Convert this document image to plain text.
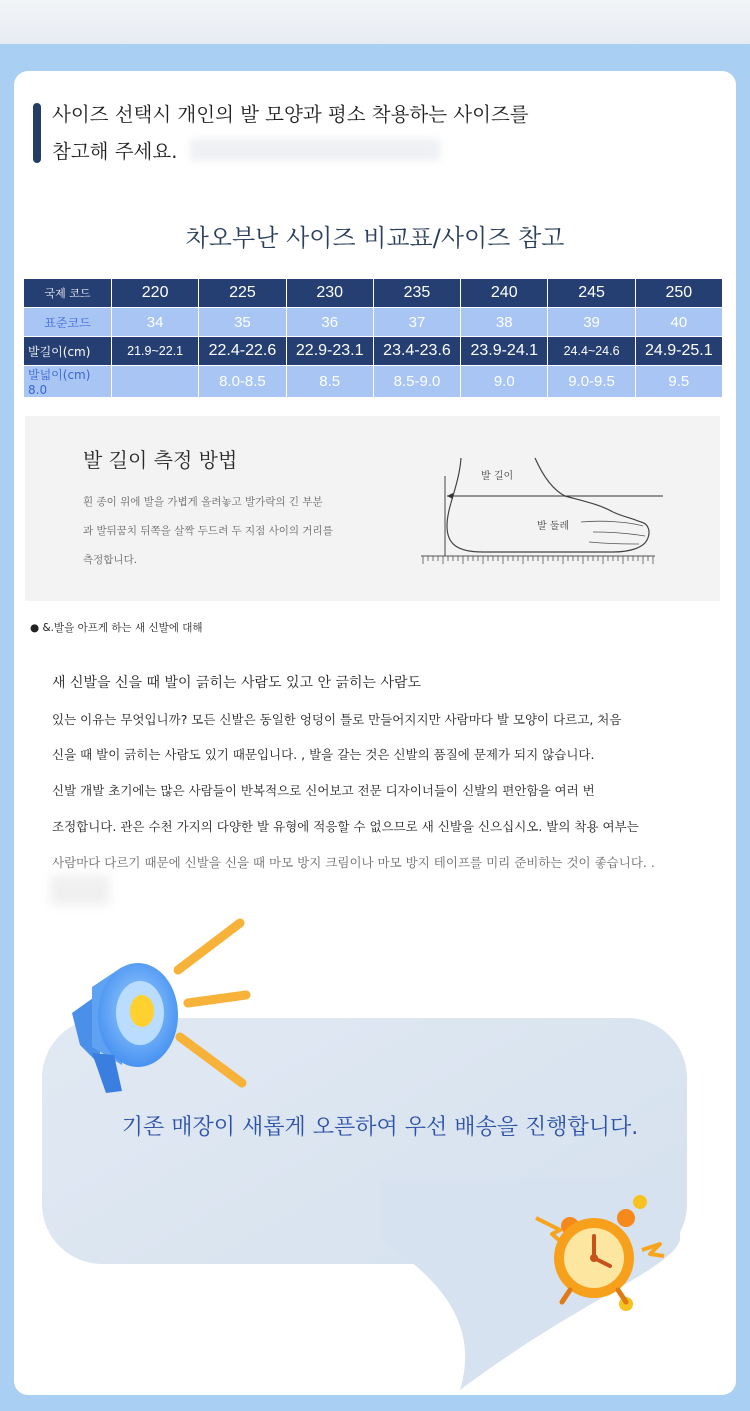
사이즈 선택시 개인의 발 모양과 평소 착용하는 사이즈를
참고해 주세요.
차오부난 사이즈 비교표/사이즈 참고
국제 코드	220	225	230	235	240	245	250
표준코드	34	35	36	37	38	39	40
발길이(cm)	21.9~22.1	22.4-22.6	22.9-23.1	23.4-23.6	23.9-24.1	24.4~24.6	24.9-25.1
발넓이(cm) 8.0		8.0-8.5	8.5	8.5-9.0	9.0	9.0-9.5	9.5
발 길이 측정 방법
흰 종이 위에 발을 가볍게 올려놓고 발가락의 긴 부분
과 발뒤꿈치 뒤쪽을 살짝 두드려 두 지점 사이의 거리를
측정합니다.
발 길이
발 둘레
● &.발을 아프게 하는 새 신발에 대해
새 신발을 신을 때 발이 긁히는 사람도 있고 안 긁히는 사람도
있는 이유는 무엇입니까? 모든 신발은 동일한 엉덩이 틀로 만들어지지만 사람마다 발 모양이 다르고, 처음
신을 때 발이 긁히는 사람도 있기 때문입니다. , 발을 갈는 것은 신발의 품질에 문제가 되지 않습니다.
신발 개발 초기에는 많은 사람들이 반복적으로 신어보고 전문 디자이너들이 신발의 편안함을 여러 번
조정합니다. 관은 수천 가지의 다양한 발 유형에 적응할 수 없으므로 새 신발을 신으십시오. 발의 착용 여부는
사람마다 다르기 때문에 신발을 신을 때 마모 방지 크림이나 마모 방지 테이프를 미리 준비하는 것이 좋습니다. .
기존 매장이 새롭게 오픈하여 우선 배송을 진행합니다.
